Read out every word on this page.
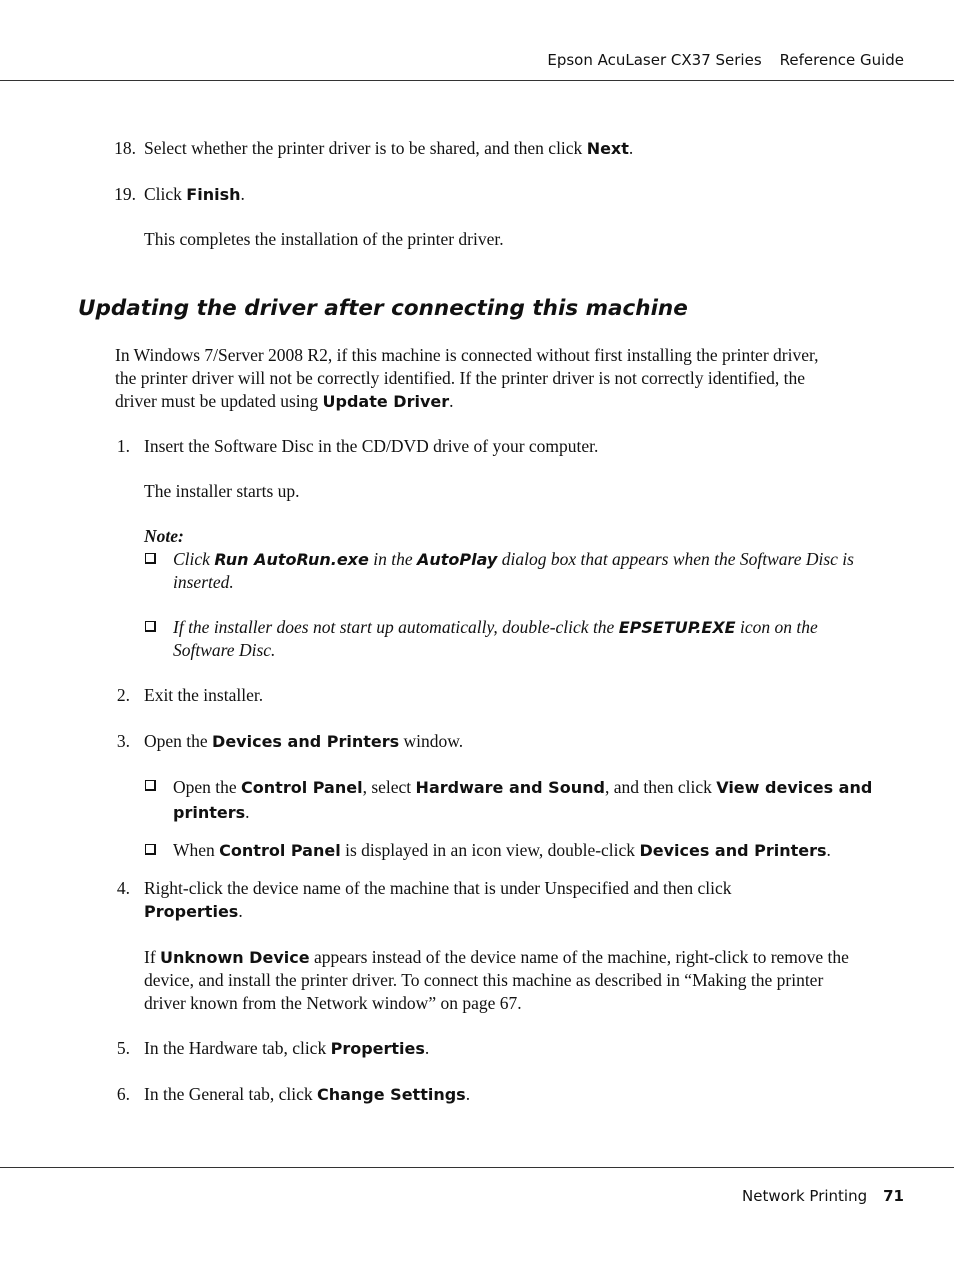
Epson AcuLaser CX37 Series Reference Guide
18. Select whether the printer driver is to be shared, and then click Next.
19. Click Finish.
This completes the installation of the printer driver.
Updating the driver after connecting this machine
In Windows 7/Server 2008 R2, if this machine is connected without first installing the printer driver,
the printer driver will not be correctly identified. If the printer driver is not correctly identified, the
driver must be updated using Update Driver.
1. Insert the Software Disc in the CD/DVD drive of your computer.
The installer starts up.
Note:
Click Run AutoRun.exe in the AutoPlay dialog box that appears when the Software Disc is
inserted.
If the installer does not start up automatically, double-click the EPSETUP.EXE icon on the
Software Disc.
2. Exit the installer.
3. Open the Devices and Printers window.
Open the Control Panel, select Hardware and Sound, and then click View devices and
printers.
When Control Panel is displayed in an icon view, double-click Devices and Printers.
4. Right-click the device name of the machine that is under Unspecified and then click
Properties.
If Unknown Device appears instead of the device name of the machine, right-click to remove the
device, and install the printer driver. To connect this machine as described in “Making the printer
driver known from the Network window” on page 67.
5. In the Hardware tab, click Properties.
6. In the General tab, click Change Settings.
Network Printing 71
